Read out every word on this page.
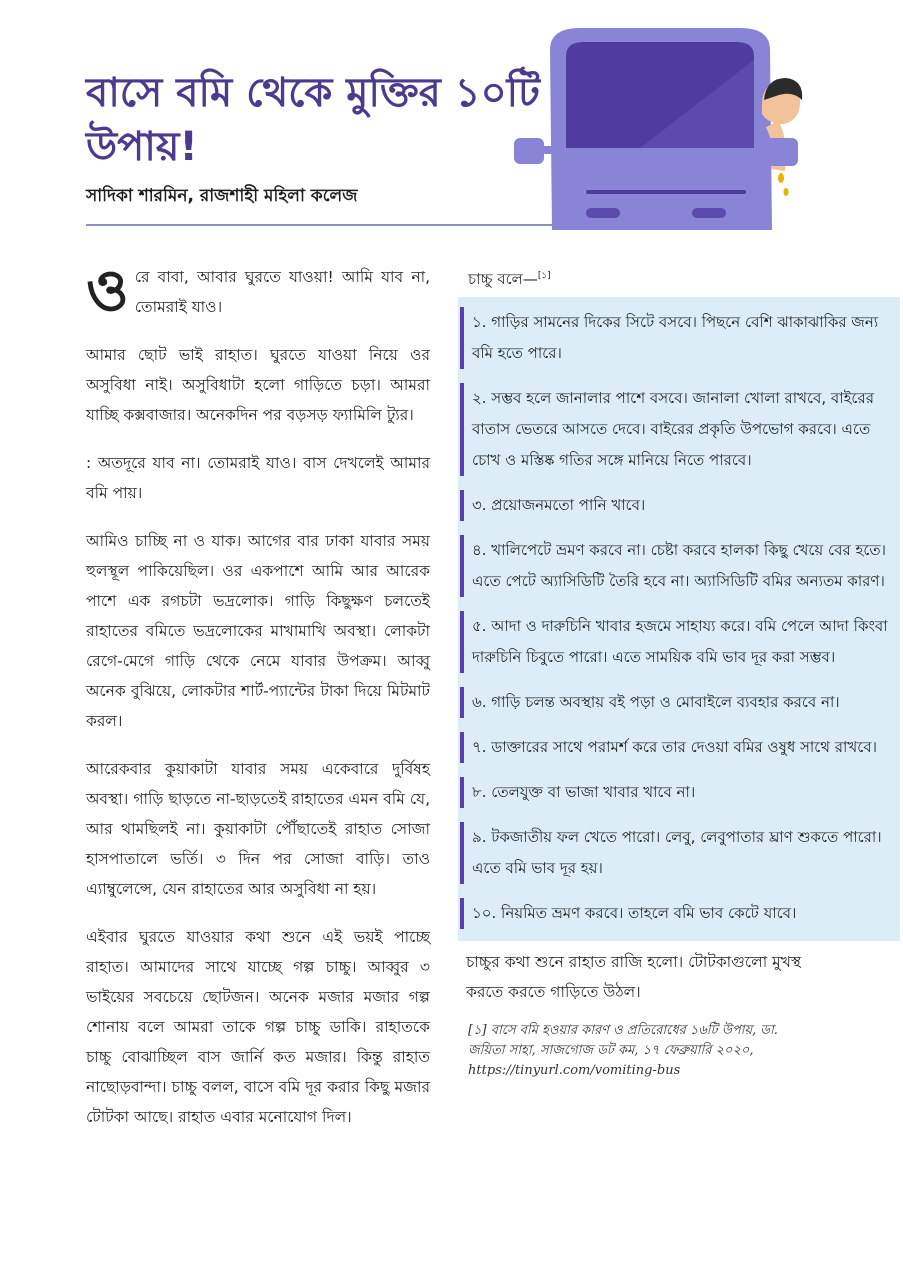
বাসে বমি থেকে মুক্তির ১০টি উপায়!
সাদিকা শারমিন, রাজশাহী মহিলা কলেজ

ওরে বাবা, আবার ঘুরতে যাওয়া! আমি যাব না, তোমরাই যাও।

আমার ছোট ভাই রাহাত। ঘুরতে যাওয়া নিয়ে ওর অসুবিধা নাই। অসুবিধাটা হলো গাড়িতে চড়া। আমরা যাচ্ছি কক্সবাজার। অনেকদিন পর বড়সড় ফ্যামিলি ট্যুর।

: অতদূরে যাব না। তোমরাই যাও। বাস দেখলেই আমার বমি পায়।

আমিও চাচ্ছি না ও যাক। আগের বার ঢাকা যাবার সময় হুলস্থূল পাকিয়েছিল। ওর একপাশে আমি আর আরেক পাশে এক রগচটা ভদ্রলোক। গাড়ি কিছুক্ষণ চলতেই রাহাতের বমিতে ভদ্রলোকের মাখামাখি অবস্থা। লোকটা রেগে-মেগে গাড়ি থেকে নেমে যাবার উপক্রম। আব্বু অনেক বুঝিয়ে, লোকটার শার্ট-প্যান্টের টাকা দিয়ে মিটমাট করল।

আরেকবার কুয়াকাটা যাবার সময় একেবারে দুর্বিষহ অবস্থা। গাড়ি ছাড়তে না-ছাড়তেই রাহাতের এমন বমি যে, আর থামছিলই না। কুয়াকাটা পৌঁছাতেই রাহাত সোজা হাসপাতালে ভর্তি। ৩ দিন পর সোজা বাড়ি। তাও এ্যাম্বুলেন্সে, যেন রাহাতের আর অসুবিধা না হয়।

এইবার ঘুরতে যাওয়ার কথা শুনে এই ভয়ই পাচ্ছে রাহাত। আমাদের সাথে যাচ্ছে গল্প চাচ্চু। আব্বুর ৩ ভাইয়ের সবচেয়ে ছোটজন। অনেক মজার মজার গল্প শোনায় বলে আমরা তাকে গল্প চাচ্চু ডাকি। রাহাতকে চাচ্চু বোঝাচ্ছিল বাস জার্নি কত মজার। কিন্তু রাহাত নাছোড়বান্দা। চাচ্চু বলল, বাসে বমি দূর করার কিছু মজার টোটকা আছে। রাহাত এবার মনোযোগ দিল।

চাচ্চু বলে—[১]

১. গাড়ির সামনের দিকের সিটে বসবে। পিছনে বেশি ঝাকাঝাকির জন্য বমি হতে পারে।
২. সম্ভব হলে জানালার পাশে বসবে। জানালা খোলা রাখবে, বাইরের বাতাস ভেতরে আসতে দেবে। বাইরের প্রকৃতি উপভোগ করবে। এতে চোখ ও মস্তিষ্ক গতির সঙ্গে মানিয়ে নিতে পারবে।
৩. প্রয়োজনমতো পানি খাবে।
৪. খালিপেটে ভ্রমণ করবে না। চেষ্টা করবে হালকা কিছু খেয়ে বের হতে। এতে পেটে অ্যাসিডিটি তৈরি হবে না। অ্যাসিডিটি বমির অন্যতম কারণ।
৫. আদা ও দারুচিনি খাবার হজমে সাহায্য করে। বমি পেলে আদা কিংবা দারুচিনি চিবুতে পারো। এতে সাময়িক বমি ভাব দূর করা সম্ভব।
৬. গাড়ি চলন্ত অবস্থায় বই পড়া ও মোবাইলে ব্যবহার করবে না।
৭. ডাক্তারের সাথে পরামর্শ করে তার দেওয়া বমির ওষুধ সাথে রাখবে।
৮. তেলযুক্ত বা ভাজা খাবার খাবে না।
৯. টকজাতীয় ফল খেতে পারো। লেবু, লেবুপাতার ঘ্রাণ শুকতে পারো। এতে বমি ভাব দূর হয়।
১০. নিয়মিত ভ্রমণ করবে। তাহলে বমি ভাব কেটে যাবে।

চাচ্চুর কথা শুনে রাহাত রাজি হলো। টোটকাগুলো মুখস্থ করতে করতে গাড়িতে উঠল।

[১] বাসে বমি হওয়ার কারণ ও প্রতিরোধের ১৬টি উপায়, ডা. জয়িতা সাহা, সাজগোজ ডট কম, ১৭ ফেব্রুয়ারি ২০২০,
https://tinyurl.com/vomiting-bus
